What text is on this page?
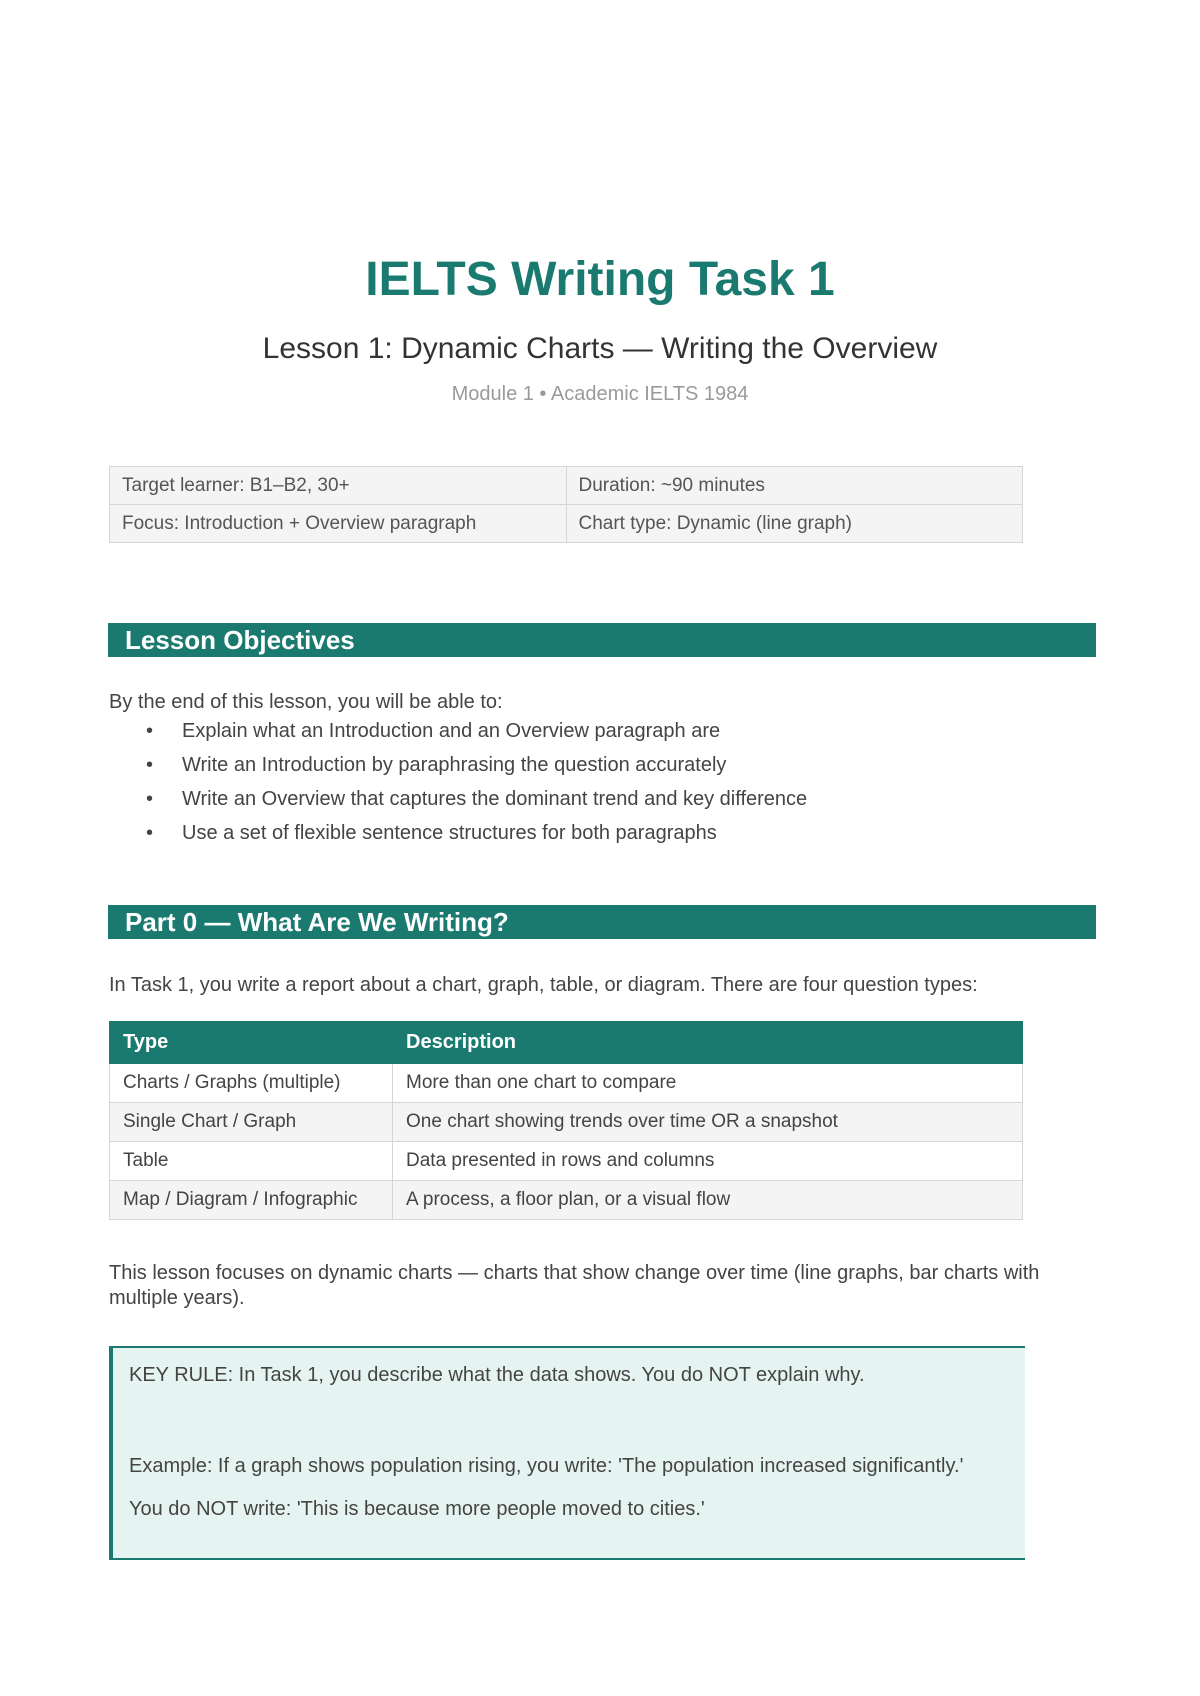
IELTS Writing Task 1
Lesson 1: Dynamic Charts — Writing the Overview
Module 1 • Academic IELTS 1984
Target learner: B1–B2, 30+	Duration: ~90 minutes
Focus: Introduction + Overview paragraph	Chart type: Dynamic (line graph)
Lesson Objectives
By the end of this lesson, you will be able to:
• Explain what an Introduction and an Overview paragraph are
• Write an Introduction by paraphrasing the question accurately
• Write an Overview that captures the dominant trend and key difference
• Use a set of flexible sentence structures for both paragraphs
Part 0 — What Are We Writing?
In Task 1, you write a report about a chart, graph, table, or diagram. There are four question types:
Type	Description
Charts / Graphs (multiple)	More than one chart to compare
Single Chart / Graph	One chart showing trends over time OR a snapshot
Table	Data presented in rows and columns
Map / Diagram / Infographic	A process, a floor plan, or a visual flow
This lesson focuses on dynamic charts — charts that show change over time (line graphs, bar charts with multiple years).

KEY RULE: In Task 1, you describe what the data shows. You do NOT explain why.

Example: If a graph shows population rising, you write: 'The population increased significantly.'

You do NOT write: 'This is because more people moved to cities.'
